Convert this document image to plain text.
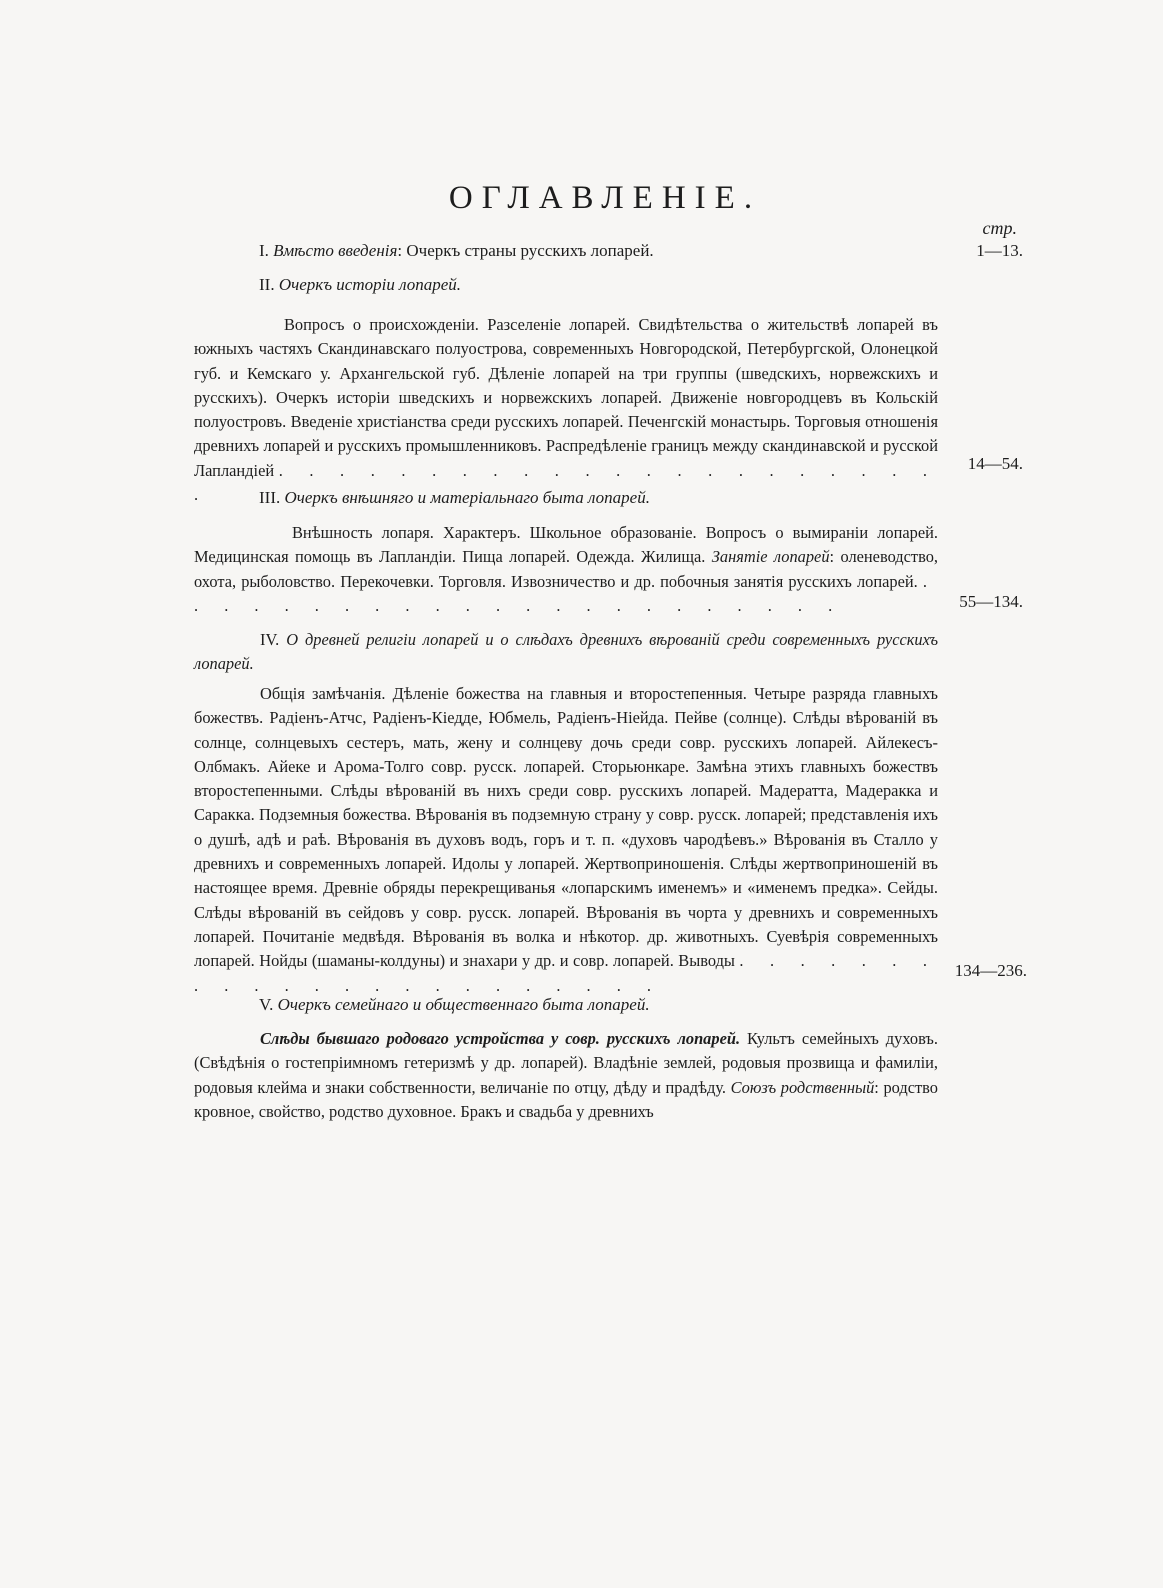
ОГЛАВЛЕНIE.
стр.
I. Вмѣсто введенія: Очеркъ страны русскихъ лопарей.	1—13.
II. Очеркъ исторіи лопарей.
Вопросъ о происхожденіи. Разселеніе лопарей. Свидѣтельства о жительствѣ лопарей въ южныхъ частяхъ Скандинавскаго полуострова, современныхъ Новгородской, Петербургской, Олонецкой губ. и Кемскаго у. Архангельской губ. Дѣленіе лопарей на три группы (шведскихъ, норвежскихъ и русскихъ). Очеркъ исторіи шведскихъ и норвежскихъ лопарей. Движеніе новгородцевъ въ Кольскій полуостровъ. Введеніе христіанства среди русскихъ лопарей. Печенгскій монастырь. Торговыя отношенія древнихъ лопарей и русскихъ промышленниковъ. Распредѣленіе границъ между скандинавской и русской Лапландіей . . . . . . . . . . . . . . . . . . . . . . .
14—54.
III. Очеркъ внѣшняго и матеріальнаго быта лопарей.
Внѣшность лопаря. Характеръ. Школьное образованіе. Вопросъ о вымираніи лопарей. Медицинская помощь въ Лапландіи. Пища лопарей. Одежда. Жилища. Занятіе лопарей: оленеводство, охота, рыболовство. Перекочевки. Торговля. Извозничество и др. побочныя занятія русскихъ лопарей. . . . . . . . . . . . . . . . . . . . . . . .	55—134.
IV. О древней религіи лопарей и о слѣдахъ древнихъ вѣрованій среди современныхъ русскихъ лопарей.
Общія замѣчанія. Дѣленіе божества на главныя и второстепенныя. Четыре разряда главныхъ божествъ. Радіенъ-Атчс, Радіенъ-Кіедде, Юбмель, Радіенъ-Ніейда. Пейве (солнце). Слѣды вѣрованій въ солнце, солнцевыхъ сестеръ, мать, жену и солнцеву дочь среди совр. русскихъ лопарей. Айлекесъ-Олбмакъ. Айеке и Арома-Толго совр. русск. лопарей. Сторьюнкаре. Замѣна этихъ главныхъ божествъ второстепенными. Слѣды вѣрованій въ нихъ среди совр. русскихъ лопарей. Мадератта, Мадеракка и Саракка. Подземныя божества. Вѣрованія въ подземную страну у совр. русск. лопарей; представленія ихъ о душѣ, адѣ и раѣ. Вѣрованія въ духовъ водъ, горъ и т. п. «духовъ чародѣевъ.» Вѣрованія въ Сталло у древнихъ и современныхъ лопарей. Идолы у лопарей. Жертвоприношенія. Слѣды жертвоприношеній въ настоящее время. Древніе обряды перекрещиванья «лопарскимъ именемъ» и «именемъ предка». Сейды. Слѣды вѣрованій въ сейдовъ у совр. русск. лопарей. Вѣрованія въ чорта у древнихъ и современныхъ лопарей. Почитаніе медвѣдя. Вѣрованія въ волка и нѣкотор. др. животныхъ. Суевѣрія современныхъ лопарей. Нойды (шаманы-колдуны) и знахари у др. и совр. лопарей. Выводы . . . . . . . . . . . . . . . . . . . . . . .
134—236.
V. Очеркъ семейнаго и общественнаго быта лопарей.
Слѣды бывшаго родоваго устройства у совр. русскихъ лопарей. Культъ семейныхъ духовъ. (Свѣдѣнія о гостепріимномъ гетеризмѣ у др. лопарей). Владѣніе землей, родовыя прозвища и фамиліи, родовыя клейма и знаки собственности, величаніе по отцу, дѣду и прадѣду. Союзъ родственный: родство кровное, свойство, родство духовное. Бракъ и свадьба у древнихъ
